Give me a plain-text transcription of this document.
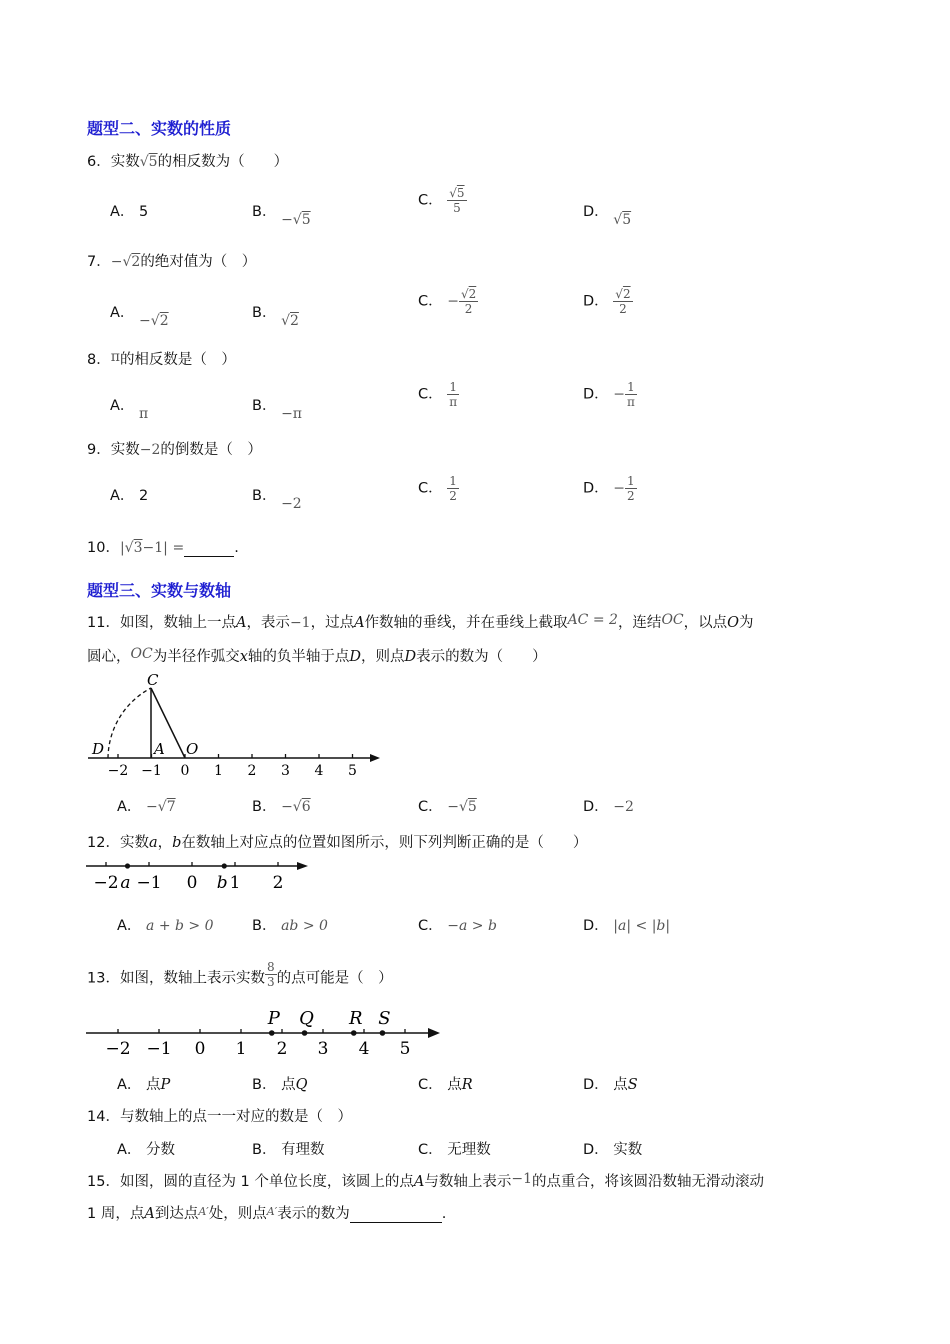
题型二、实数的性质
6．实数√5的相反数为（　　）
A． 5	B． −√5
C． $\frac{√5}{5}$	D． √5
7．−√2的绝对值为（　）
A． −√2	B． √2
C． − $\frac{√2}{2}$	D． $\frac{√2}{2}$
8．π的相反数是（　）
A． π	B． −π
C． $\frac{1}{\pi}$	D． − $\frac{1}{\pi}$
9．实数−2的倒数是（　）
A． 2	B． −2
C． $\frac{1}{2}$	D． − $\frac{1}{2}$
10．|√3−1| =	.
题型三、实数与数轴
11．如图，数轴上一点A，表示−1，过点A作数轴的垂线，并在垂线上截取AC = 2，连结OC，以点O为
圆心，OC为半径作弧交x轴的负半轴于点D，则点D表示的数为（　　）
−2 −1 0 1 2 3 4 5
C
D	A O
A． −√7	B． −√6	C． −√5	D． −2
12．实数a，b在数轴上对应点的位置如图所示，则下列判断正确的是（　　）
−2 −1 0 1 2
a	b
A． a + b > 0	B． ab > 0	C． −a > b	D． |a| < |b|
13．如图，数轴上表示实数 $\frac{8}{3}$ 的点可能是（　）
−2 −1 0 1 2 3 4 5
P Q R S
A． 点P	B． 点Q	C． 点R	D． 点S
14．与数轴上的点一一对应的数是（　）
A． 分数	B． 有理数	C． 无理数	D． 实数
15．如图，圆的直径为 1 个单位长度，该圆上的点A与数轴上表示−1的点重合，将该圆沿数轴无滑动滚动
1 周，点A到达点$^{A'}$处，则点$^{A'}$表示的数为	.
